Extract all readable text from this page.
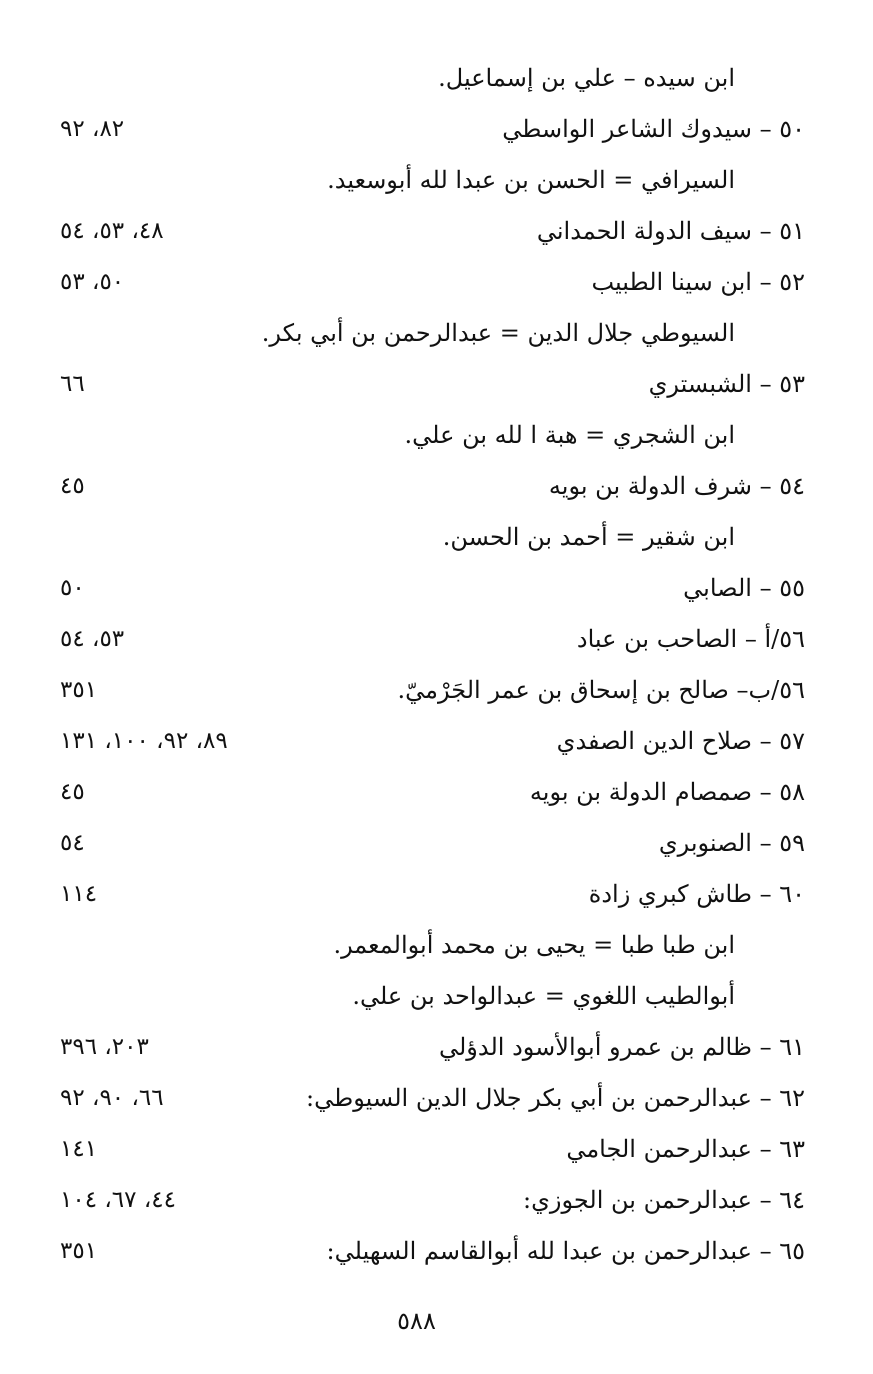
ابن سيده – علي بن إسماعيل.
٥٠ – سيدوك الشاعر الواسطي
٨٢، ٩٢
السيرافي = الحسن بن عبدا لله أبوسعيد.
٥١ – سيف الدولة الحمداني
٤٨، ٥٣، ٥٤
٥٢ – ابن سينا الطبيب
٥٠، ٥٣
السيوطي جلال الدين = عبدالرحمن بن أبي بكر.
٥٣ – الشبستري
٦٦
ابن الشجري = هبة ا لله بن علي.
٥٤ – شرف الدولة بن بويه
٤٥
ابن شقير = أحمد بن الحسن.
٥٥ – الصابي
٥٠
٥٦/أ – الصاحب بن عباد
٥٣، ٥٤
٥٦/ب– صالح بن إسحاق بن عمر الجَرْميّ.
٣٥١
٥٧ – صلاح الدين الصفدي
٨٩، ٩٢، ١٠٠، ١٣١
٥٨ – صمصام الدولة بن بويه
٤٥
٥٩ – الصنوبري
٥٤
٦٠ – طاش كبري زادة
١١٤
ابن طبا طبا = يحيى بن محمد أبوالمعمر.
أبوالطيب اللغوي = عبدالواحد بن علي.
٦١ – ظالم بن عمرو أبوالأسود الدؤلي
٢٠٣، ٣٩٦
٦٢ – عبدالرحمن بن أبي بكر جلال الدين السيوطي:
٦٦، ٩٠، ٩٢
٦٣ – عبدالرحمن الجامي
١٤١
٦٤ – عبدالرحمن بن الجوزي:
٤٤، ٦٧، ١٠٤
٦٥ – عبدالرحمن بن عبدا لله أبوالقاسم السهيلي:
٣٥١
٥٨٨
